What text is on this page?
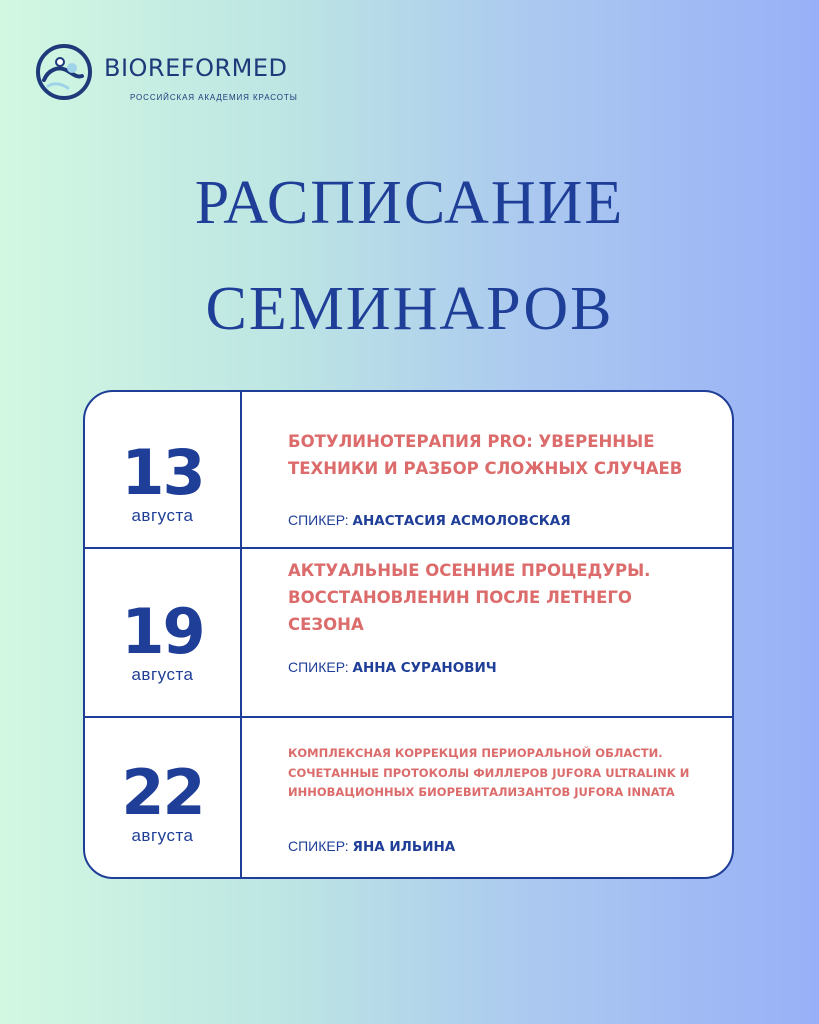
BIOREFORMED
РОССИЙСКАЯ АКАДЕМИЯ КРАСОТЫ
РАСПИСАНИЕ
СЕМИНАРОВ
13
августа
БОТУЛИНОТЕРАПИЯ PRO: УВЕРЕННЫЕ ТЕХНИКИ И РАЗБОР СЛОЖНЫХ СЛУЧАЕВ
СПИКЕР: АНАСТАСИЯ АСМОЛОВСКАЯ
19
августа
АКТУАЛЬНЫЕ ОСЕННИЕ ПРОЦЕДУРЫ. ВОССТАНОВЛЕНИН ПОСЛЕ ЛЕТНЕГО СЕЗОНА
СПИКЕР: АННА СУРАНОВИЧ
22
августа
КОМПЛЕКСНАЯ КОРРЕКЦИЯ ПЕРИОРАЛЬНОЙ ОБЛАСТИ. СОЧЕТАННЫЕ ПРОТОКОЛЫ ФИЛЛЕРОВ JUFORA ULTRALINK И ИННОВАЦИОННЫХ БИОРЕВИТАЛИЗАНТОВ JUFORA INNATA
СПИКЕР: ЯНА ИЛЬИНА
